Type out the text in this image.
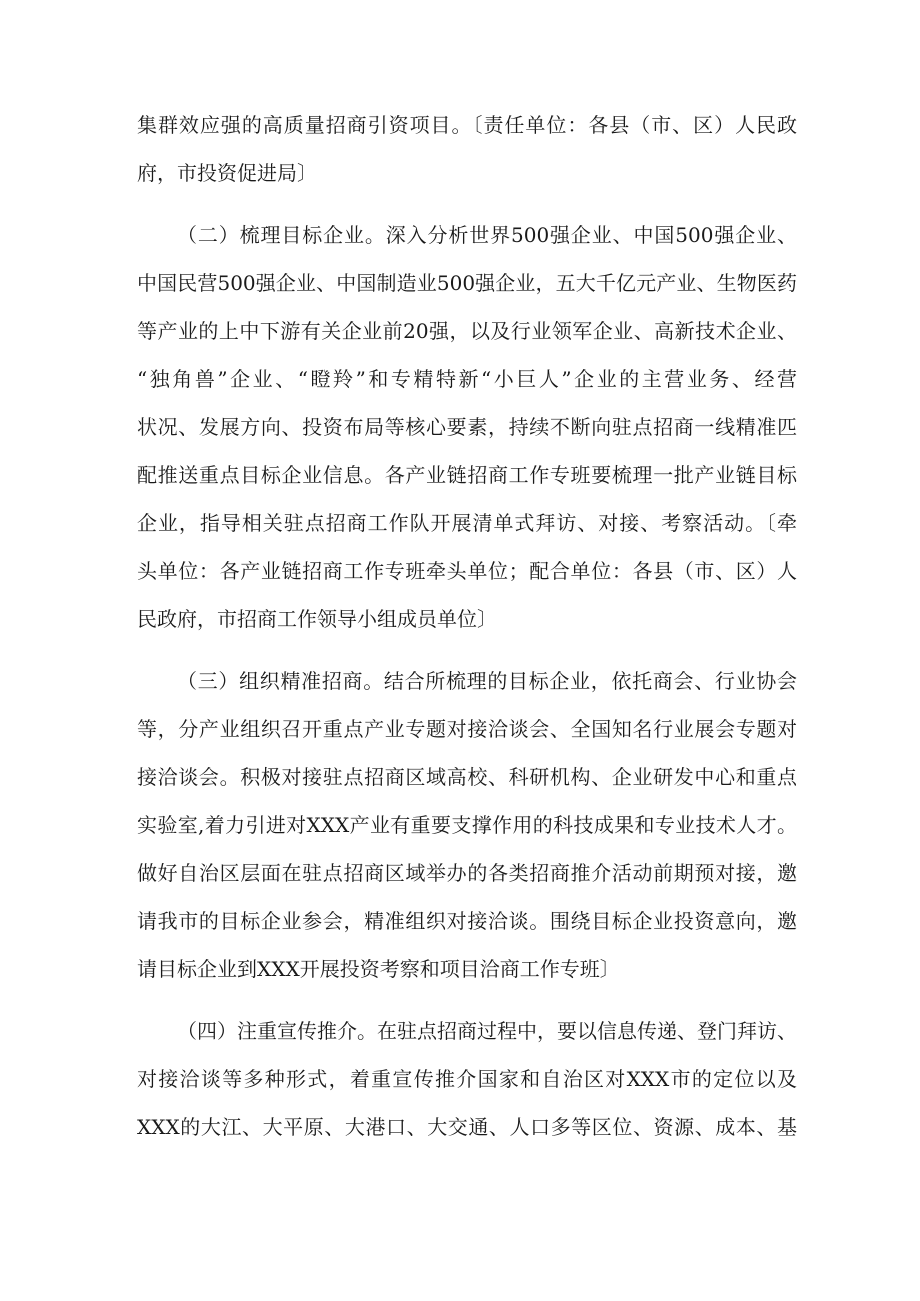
集群效应强的高质量招商引资项目。〔责任单位：各县（市、区）人民政
府，市投资促进局〕
（二）梳理目标企业。深入分析世界500强企业、中国500强企业、
中国民营500强企业、中国制造业500强企业，五大千亿元产业、生物医药
等产业的上中下游有关企业前20强，以及行业领军企业、高新技术企业、
“独角兽”企业、“瞪羚”和专精特新“小巨人”企业的主营业务、经营
状况、发展方向、投资布局等核心要素，持续不断向驻点招商一线精准匹
配推送重点目标企业信息。各产业链招商工作专班要梳理一批产业链目标
企业，指导相关驻点招商工作队开展清单式拜访、对接、考察活动。〔牵
头单位：各产业链招商工作专班牵头单位；配合单位：各县（市、区）人
民政府，市招商工作领导小组成员单位〕
（三）组织精准招商。结合所梳理的目标企业，依托商会、行业协会
等，分产业组织召开重点产业专题对接洽谈会、全国知名行业展会专题对
接洽谈会。积极对接驻点招商区域高校、科研机构、企业研发中心和重点
实验室,着力引进对XXX产业有重要支撑作用的科技成果和专业技术人才。
做好自治区层面在驻点招商区域举办的各类招商推介活动前期预对接，邀
请我市的目标企业参会，精准组织对接洽谈。围绕目标企业投资意向，邀
请目标企业到XXX开展投资考察和项目洽商工作专班〕
（四）注重宣传推介。在驻点招商过程中，要以信息传递、登门拜访、
对接洽谈等多种形式，着重宣传推介国家和自治区对XXX市的定位以及
XXX的大江、大平原、大港口、大交通、人口多等区位、资源、成本、基
